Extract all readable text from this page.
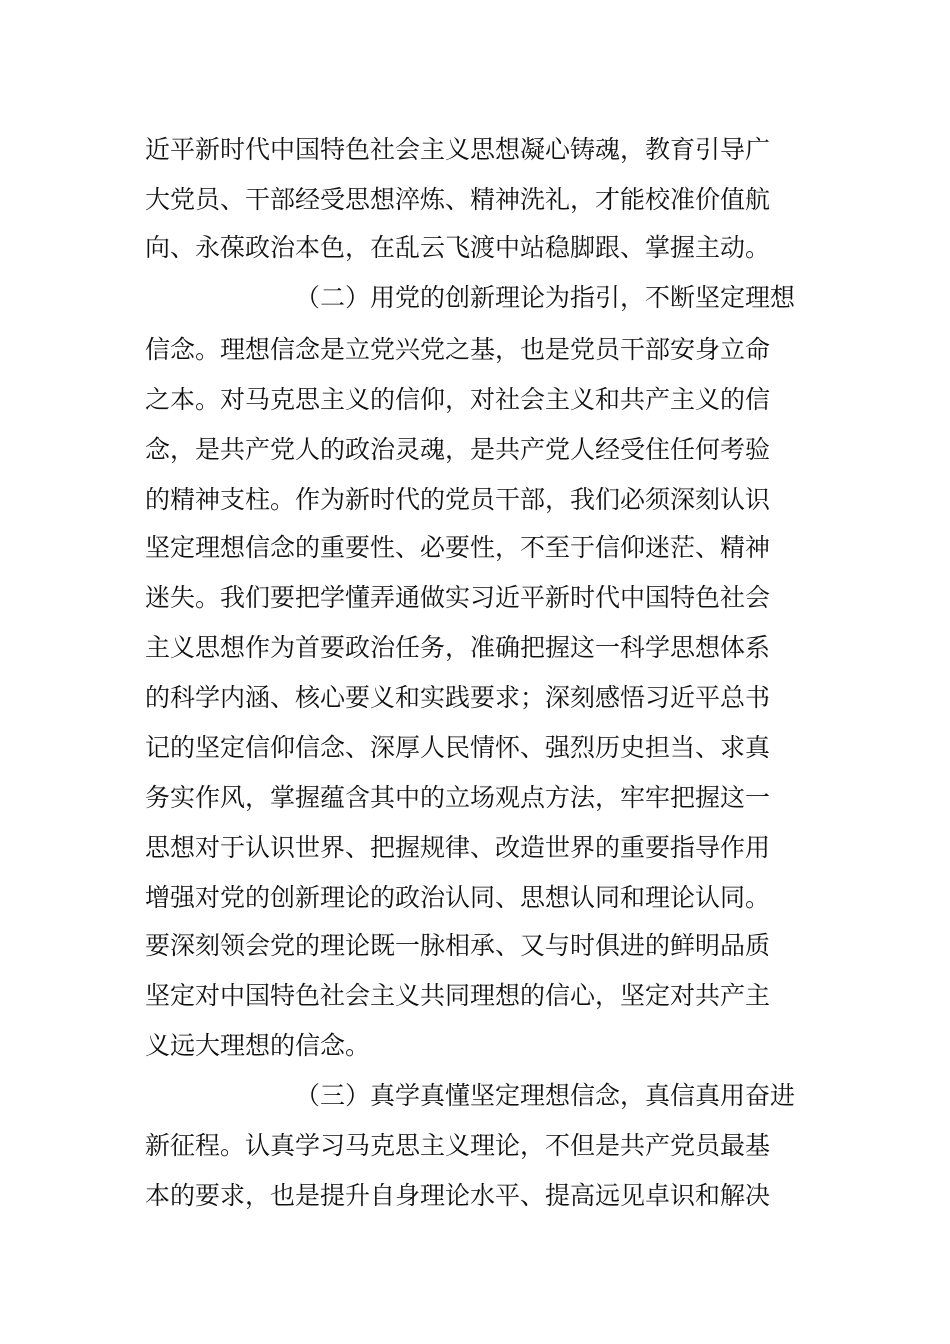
近平新时代中国特色社会主义思想凝心铸魂，教育引导广
大党员、干部经受思想淬炼、精神洗礼，才能校准价值航
向、永葆政治本色，在乱云飞渡中站稳脚跟、掌握主动。
（二）用党的创新理论为指引，不断坚定理想
信念。理想信念是立党兴党之基，也是党员干部安身立命
之本。对马克思主义的信仰，对社会主义和共产主义的信
念，是共产党人的政治灵魂，是共产党人经受住任何考验
的精神支柱。作为新时代的党员干部，我们必须深刻认识
坚定理想信念的重要性、必要性，不至于信仰迷茫、精神
迷失。我们要把学懂弄通做实习近平新时代中国特色社会
主义思想作为首要政治任务，准确把握这一科学思想体系
的科学内涵、核心要义和实践要求；深刻感悟习近平总书
记的坚定信仰信念、深厚人民情怀、强烈历史担当、求真
务实作风，掌握蕴含其中的立场观点方法，牢牢把握这一
思想对于认识世界、把握规律、改造世界的重要指导作用
增强对党的创新理论的政治认同、思想认同和理论认同。
要深刻领会党的理论既一脉相承、又与时俱进的鲜明品质
坚定对中国特色社会主义共同理想的信心，坚定对共产主
义远大理想的信念。
（三）真学真懂坚定理想信念，真信真用奋进
新征程。认真学习马克思主义理论，不但是共产党员最基
本的要求，也是提升自身理论水平、提高远见卓识和解决
